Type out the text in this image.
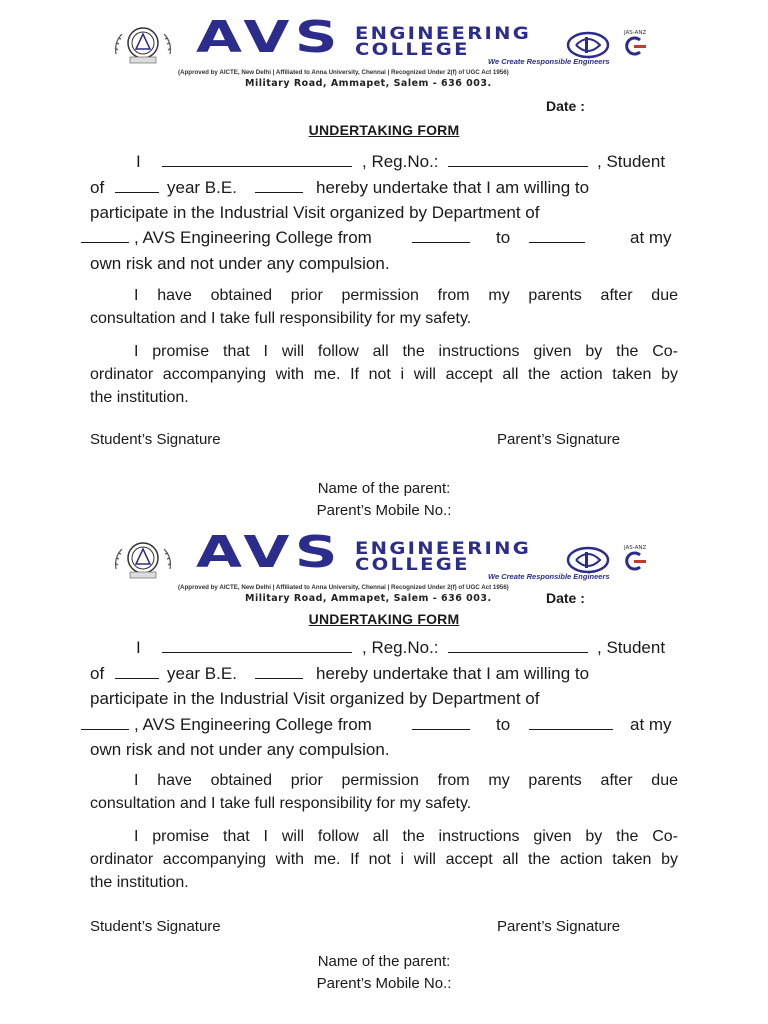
AVS ENGINEERING
COLLEGE
JAS-ANZ
We Create Responsible Engineers
(Approved by AICTE, New Delhi | Affiliated to Anna University, Chennai | Recognized Under 2(f) of UGC Act 1956)
Military Road, Ammapet, Salem - 636 003.
Date :
UNDERTAKING FORM
I	, Reg.No.:	, Student
of	year B.E.	hereby undertake that I am willing to
participate in the Industrial Visit organized by Department of
, AVS Engineering College from	to	at my
own risk and not under any compulsion.
I have obtained prior permission from my parents after due
consultation and I take full responsibility for my safety.
I promise that I will follow all the instructions given by the Co-
ordinator accompanying with me. If not i will accept all the action taken by
the institution.
Student’s Signature	Parent’s Signature
Name of the parent:
Parent’s Mobile No.:
AVS ENGINEERING
COLLEGE
JAS-ANZ
We Create Responsible Engineers
(Approved by AICTE, New Delhi | Affiliated to Anna University, Chennai | Recognized Under 2(f) of UGC Act 1956)
Military Road, Ammapet, Salem - 636 003.	Date :
UNDERTAKING FORM
I	, Reg.No.:	, Student
of	year B.E.	hereby undertake that I am willing to
participate in the Industrial Visit organized by Department of
, AVS Engineering College from	to	at my
own risk and not under any compulsion.
I have obtained prior permission from my parents after due
consultation and I take full responsibility for my safety.
I promise that I will follow all the instructions given by the Co-
ordinator accompanying with me. If not i will accept all the action taken by
the institution.
Student’s Signature	Parent’s Signature
Name of the parent:
Parent’s Mobile No.:
